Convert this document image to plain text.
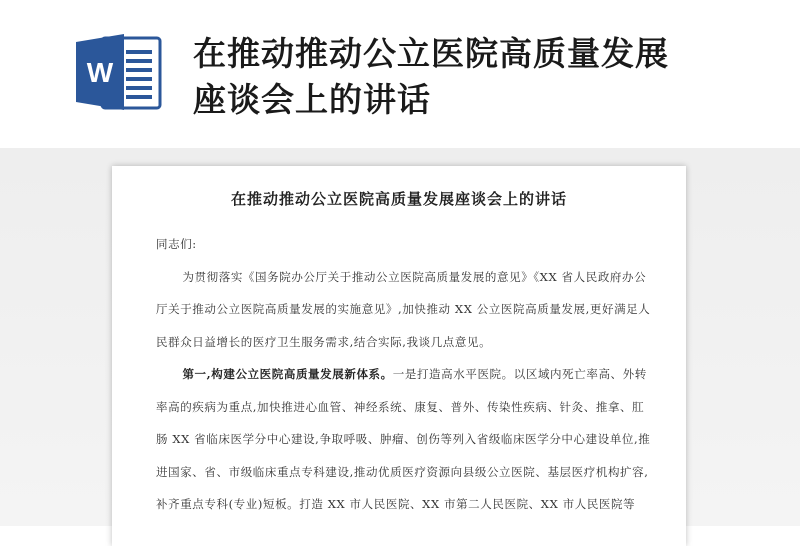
W 在推动推动公立医院高质量发展
座谈会上的讲话
在推动推动公立医院高质量发展座谈会上的讲话

同志们:

为贯彻落实《国务院办公厅关于推动公立医院高质量发展的意见》《XX 省人民政府办公厅关于推动公立医院高质量发展的实施意见》,加快推动 XX 公立医院高质量发展,更好满足人民群众日益增长的医疗卫生服务需求,结合实际,我谈几点意见。

第一,构建公立医院高质量发展新体系。一是打造高水平医院。以区域内死亡率高、外转率高的疾病为重点,加快推进心血管、神经系统、康复、普外、传染性疾病、针灸、推拿、肛肠 XX 省临床医学分中心建设,争取呼吸、肿瘤、创伤等列入省级临床医学分中心建设单位,推进国家、省、市级临床重点专科建设,推动优质医疗资源向县级公立医院、基层医疗机构扩容,补齐重点专科(专业)短板。打造 XX 市人民医院、XX 市第二人民医院、XX 市人民医院等
